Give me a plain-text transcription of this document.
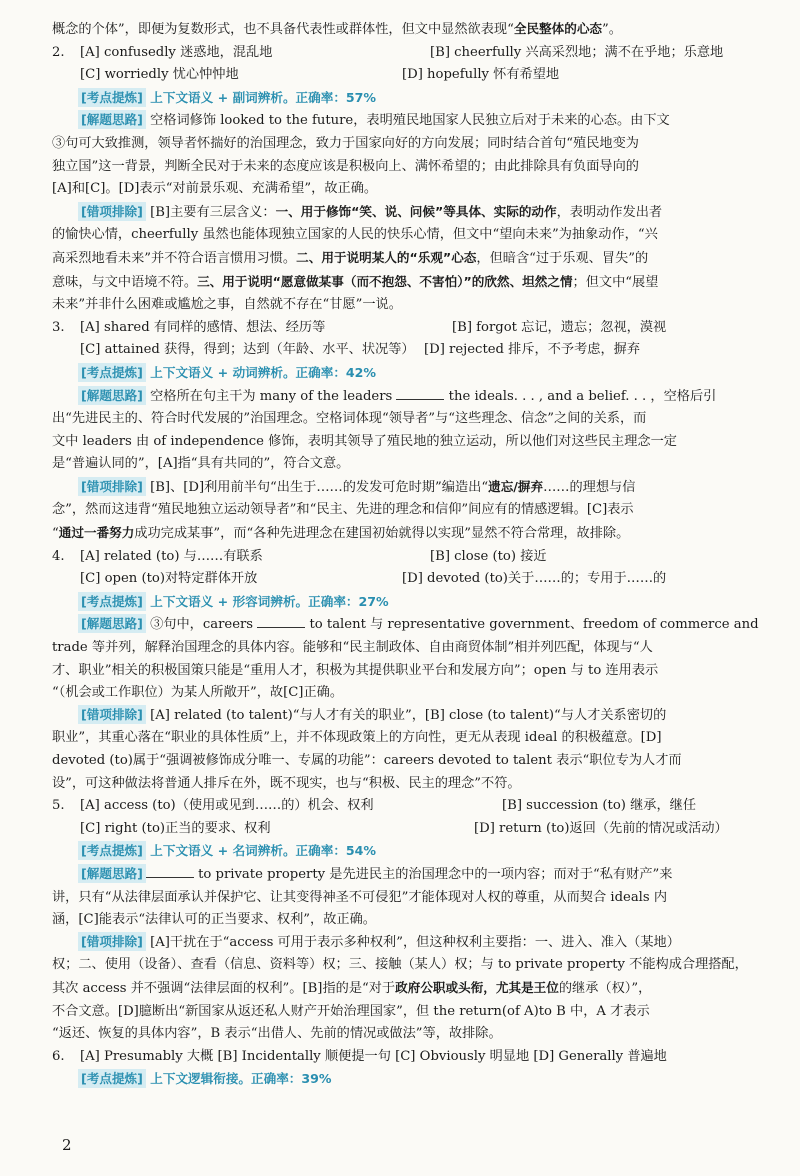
概念的个体”，即便为复数形式，也不具备代表性或群体性，但文中显然欲表现“全民整体的心态”。
2.	[A] confusedly 迷惑地，混乱地	[B] cheerfully 兴高采烈地；满不在乎地；乐意地
[C] worriedly 忧心忡忡地	[D] hopefully 怀有希望地
[考点提炼] 上下文语义 + 副词辨析。正确率：57%
[解题思路] 空格词修饰 looked to the future，表明殖民地国家人民独立后对于未来的心态。由下文
③句可大致推测，领导者怀揣好的治国理念，致力于国家向好的方向发展；同时结合首句“殖民地变为
独立国”这一背景，判断全民对于未来的态度应该是积极向上、满怀希望的；由此排除具有负面导向的
[A]和[C]。[D]表示“对前景乐观、充满希望”，故正确。
[错项排除] [B]主要有三层含义：一、用于修饰“笑、说、问候”等具体、实际的动作，表明动作发出者
的愉快心情，cheerfully 虽然也能体现独立国家的人民的快乐心情，但文中“望向未来”为抽象动作，“兴
高采烈地看未来”并不符合语言惯用习惯。二、用于说明某人的“乐观”心态，但暗含“过于乐观、冒失”的
意味，与文中语境不符。三、用于说明“愿意做某事（而不抱怨、不害怕）”的欣然、坦然之情；但文中“展望
未来”并非什么困难或尴尬之事，自然就不存在“甘愿”一说。
3.	[A] shared 有同样的感情、想法、经历等	[B] forgot 忘记，遗忘；忽视，漠视
[C] attained 获得，得到；达到（年龄、水平、状况等） [D] rejected 排斥，不予考虑，摒弃
[考点提炼] 上下文语义 + 动词辨析。正确率：42%
[解题思路] 空格所在句主干为 many of the leaders	the ideals. . . , and a belief. . . ，空格后引
出“先进民主的、符合时代发展的”治国理念。空格词体现“领导者”与“这些理念、信念”之间的关系，而
文中 leaders 由 of independence 修饰，表明其领导了殖民地的独立运动，所以他们对这些民主理念一定
是“普遍认同的”，[A]指“具有共同的”，符合文意。
[错项排除] [B]、[D]利用前半句“出生于……的发发可危时期”编造出“遗忘/摒弃……的理想与信
念”，然而这违背“殖民地独立运动领导者”和“民主、先进的理念和信仰”间应有的情感逻辑。[C]表示
“通过一番努力成功完成某事”，而“各种先进理念在建国初始就得以实现”显然不符合常理，故排除。
4.	[A] related (to) 与……有联系	[B] close (to) 接近
[C] open (to)对特定群体开放	[D] devoted (to)关于……的；专用于……的
[考点提炼] 上下文语义 + 形容词辨析。正确率：27%
[解题思路] ③句中，careers	to talent 与 representative government、freedom of commerce and
trade 等并列，解释治国理念的具体内容。能够和“民主制政体、自由商贸体制”相并列匹配，体现与“人
才、职业”相关的积极国策只能是“重用人才，积极为其提供职业平台和发展方向”；open 与 to 连用表示
“（机会或工作职位）为某人所敞开”，故[C]正确。
[错项排除] [A] related (to talent)“与人才有关的职业”，[B] close (to talent)“与人才关系密切的
职业”，其重心落在“职业的具体性质”上，并不体现政策上的方向性，更无从表现 ideal 的积极蕴意。[D]
devoted (to)属于“强调被修饰成分唯一、专属的功能”：careers devoted to talent 表示“职位专为人才而
设”，可这种做法将普通人排斥在外，既不现实，也与“积极、民主的理念”不符。
5.	[A] access (to)（使用或见到……的）机会、权利	[B] succession (to) 继承，继任
[C] right (to)正当的要求、权利	[D] return (to)返回（先前的情况或活动）
[考点提炼] 上下文语义 + 名词辨析。正确率：54%
[解题思路]	to private property 是先进民主的治国理念中的一项内容；而对于“私有财产”来
讲，只有“从法律层面承认并保护它、让其变得神圣不可侵犯”才能体现对人权的尊重，从而契合 ideals 内
涵，[C]能表示“法律认可的正当要求、权利”，故正确。
[错项排除] [A]干扰在于“access 可用于表示多种权利”，但这种权利主要指：一、进入、准入（某地）
权；二、使用（设备）、查看（信息、资料等）权；三、接触（某人）权；与 to private property 不能构成合理搭配，
其次 access 并不强调“法律层面的权利”。[B]指的是“对于政府公职或头衔，尤其是王位的继承（权）”，
不合文意。[D]臆断出“新国家从返还私人财产开始治理国家”，但 the return(of A)to B 中，A 才表示
“返还、恢复的具体内容”，B 表示“出借人、先前的情况或做法”等，故排除。
6.	[A] Presumably 大概 [B] Incidentally 顺便提一句 [C] Obviously 明显地 [D] Generally 普遍地
[考点提炼] 上下文逻辑衔接。正确率：39%
2
